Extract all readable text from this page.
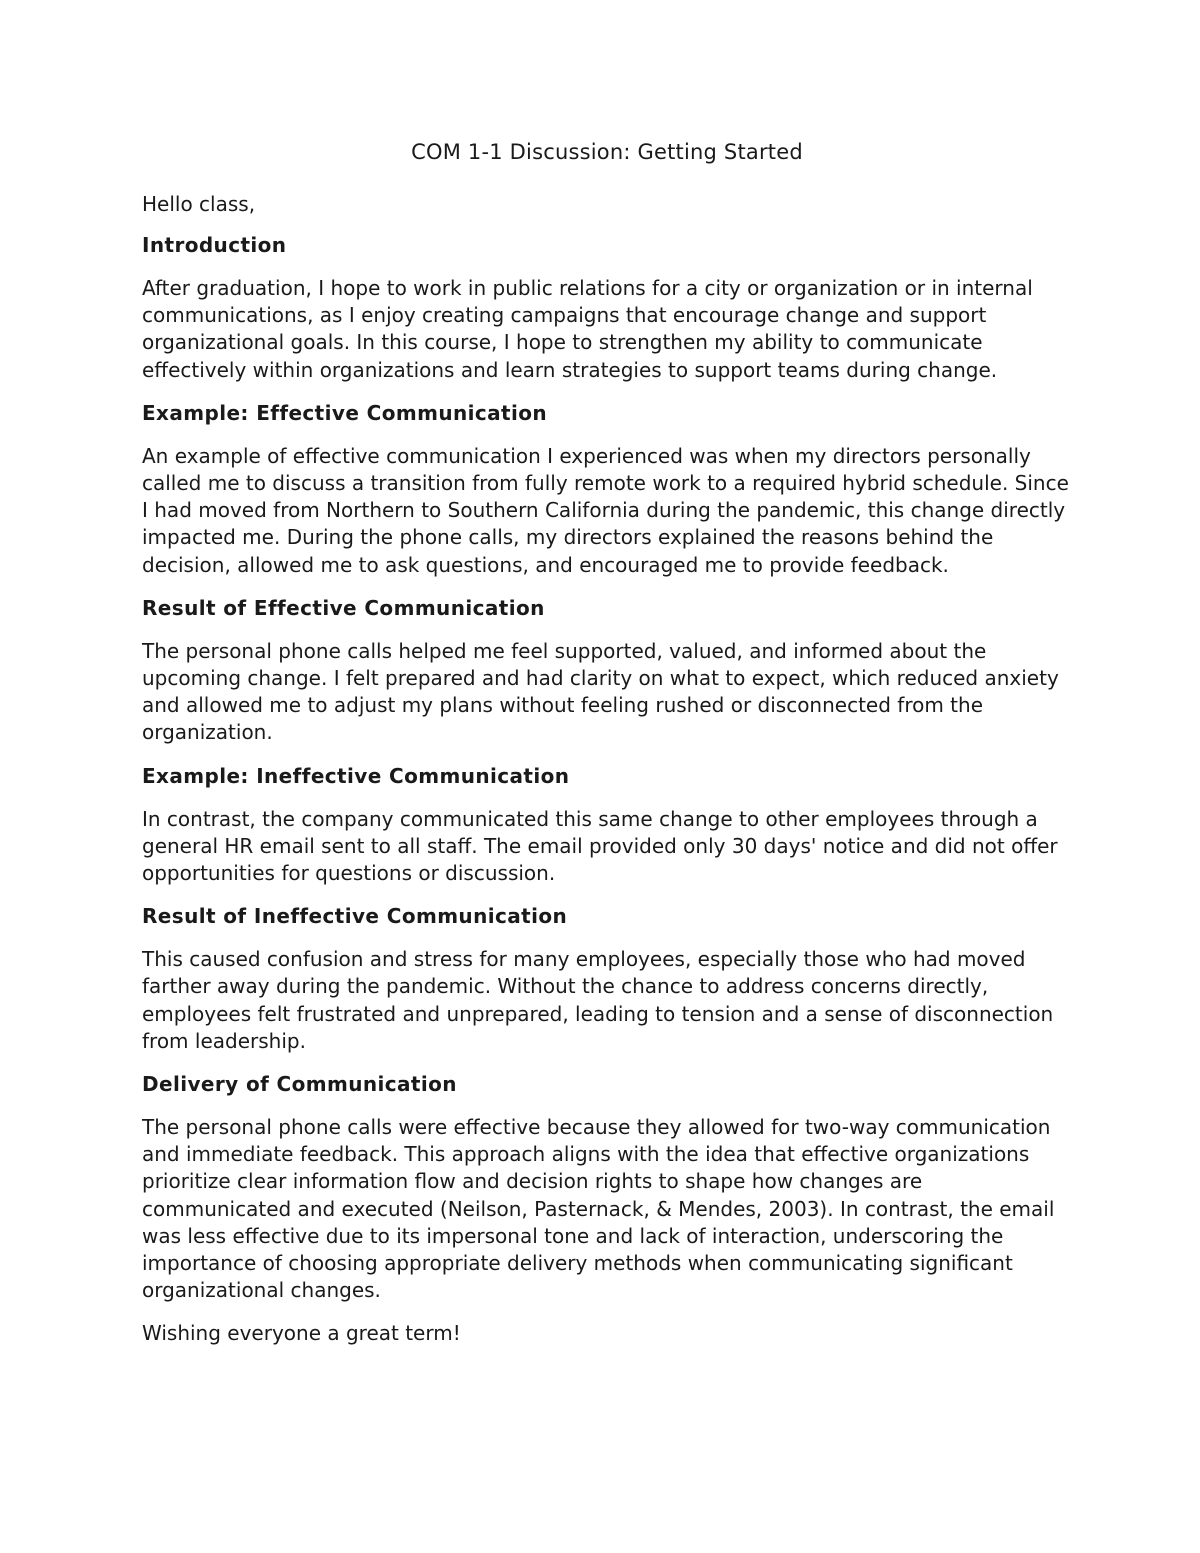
COM 1-1 Discussion: Getting Started

Hello class,

Introduction

After graduation, I hope to work in public relations for a city or organization or in internal communications, as I enjoy creating campaigns that encourage change and support organizational goals. In this course, I hope to strengthen my ability to communicate effectively within organizations and learn strategies to support teams during change.

Example: Effective Communication

An example of effective communication I experienced was when my directors personally called me to discuss a transition from fully remote work to a required hybrid schedule. Since I had moved from Northern to Southern California during the pandemic, this change directly impacted me. During the phone calls, my directors explained the reasons behind the decision, allowed me to ask questions, and encouraged me to provide feedback.

Result of Effective Communication

The personal phone calls helped me feel supported, valued, and informed about the upcoming change. I felt prepared and had clarity on what to expect, which reduced anxiety and allowed me to adjust my plans without feeling rushed or disconnected from the organization.

Example: Ineffective Communication

In contrast, the company communicated this same change to other employees through a general HR email sent to all staff. The email provided only 30 days' notice and did not offer opportunities for questions or discussion.

Result of Ineffective Communication

This caused confusion and stress for many employees, especially those who had moved farther away during the pandemic. Without the chance to address concerns directly, employees felt frustrated and unprepared, leading to tension and a sense of disconnection from leadership.

Delivery of Communication

The personal phone calls were effective because they allowed for two-way communication and immediate feedback. This approach aligns with the idea that effective organizations prioritize clear information flow and decision rights to shape how changes are communicated and executed (Neilson, Pasternack, & Mendes, 2003). In contrast, the email was less effective due to its impersonal tone and lack of interaction, underscoring the importance of choosing appropriate delivery methods when communicating significant organizational changes.

Wishing everyone a great term!
